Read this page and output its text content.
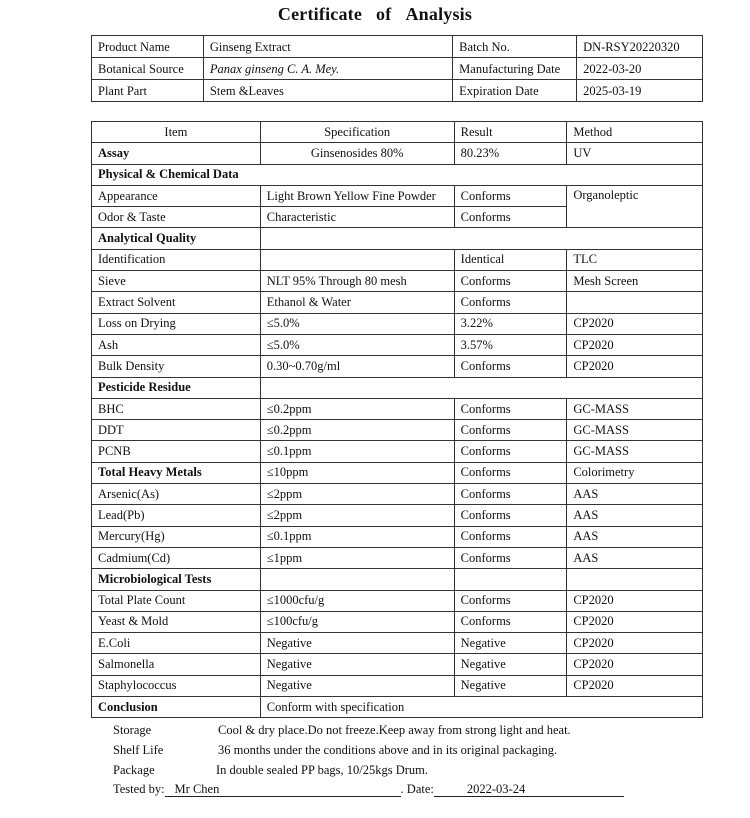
Certificate of Analysis
Product Name	Ginseng Extract	Batch No.	DN-RSY20220320
Botanical Source	Panax ginseng C. A. Mey.	Manufacturing Date	2022-03-20
Plant Part	Stem &Leaves	Expiration Date	2025-03-19
Item	Specification	Result	Method
Assay	Ginsenosides 80%	80.23%	UV
Physical & Chemical Data			
Appearance	Light Brown Yellow Fine Powder	Conforms	Organoleptic
Odor & Taste	Characteristic	Conforms	
Analytical Quality			
Identification		Identical	TLC
Sieve	NLT 95% Through 80 mesh	Conforms	Mesh Screen
Extract Solvent	Ethanol & Water	Conforms	
Loss on Drying	≤5.0%	3.22%	CP2020
Ash	≤5.0%	3.57%	CP2020
Bulk Density	0.30~0.70g/ml	Conforms	CP2020
Pesticide Residue			
BHC	≤0.2ppm	Conforms	GC-MASS
DDT	≤0.2ppm	Conforms	GC-MASS
PCNB	≤0.1ppm	Conforms	GC-MASS
Total Heavy Metals	≤10ppm	Conforms	Colorimetry
Arsenic(As)	≤2ppm	Conforms	AAS
Lead(Pb)	≤2ppm	Conforms	AAS
Mercury(Hg)	≤0.1ppm	Conforms	AAS
Cadmium(Cd)	≤1ppm	Conforms	AAS
Microbiological Tests			
Total Plate Count	≤1000cfu/g	Conforms	CP2020
Yeast & Mold	≤100cfu/g	Conforms	CP2020
E.Coli	Negative	Negative	CP2020
Salmonella	Negative	Negative	CP2020
Staphylococcus	Negative	Negative	CP2020
Conclusion	Conform with specification		
Storage	Cool & dry place.Do not freeze.Keep away from strong light and heat.
Shelf Life	36 months under the conditions above and in its original packaging.
Package	In double sealed PP bags, 10/25kgs Drum.
Tested by: Mr Chen	. Date:	2022-03-24
